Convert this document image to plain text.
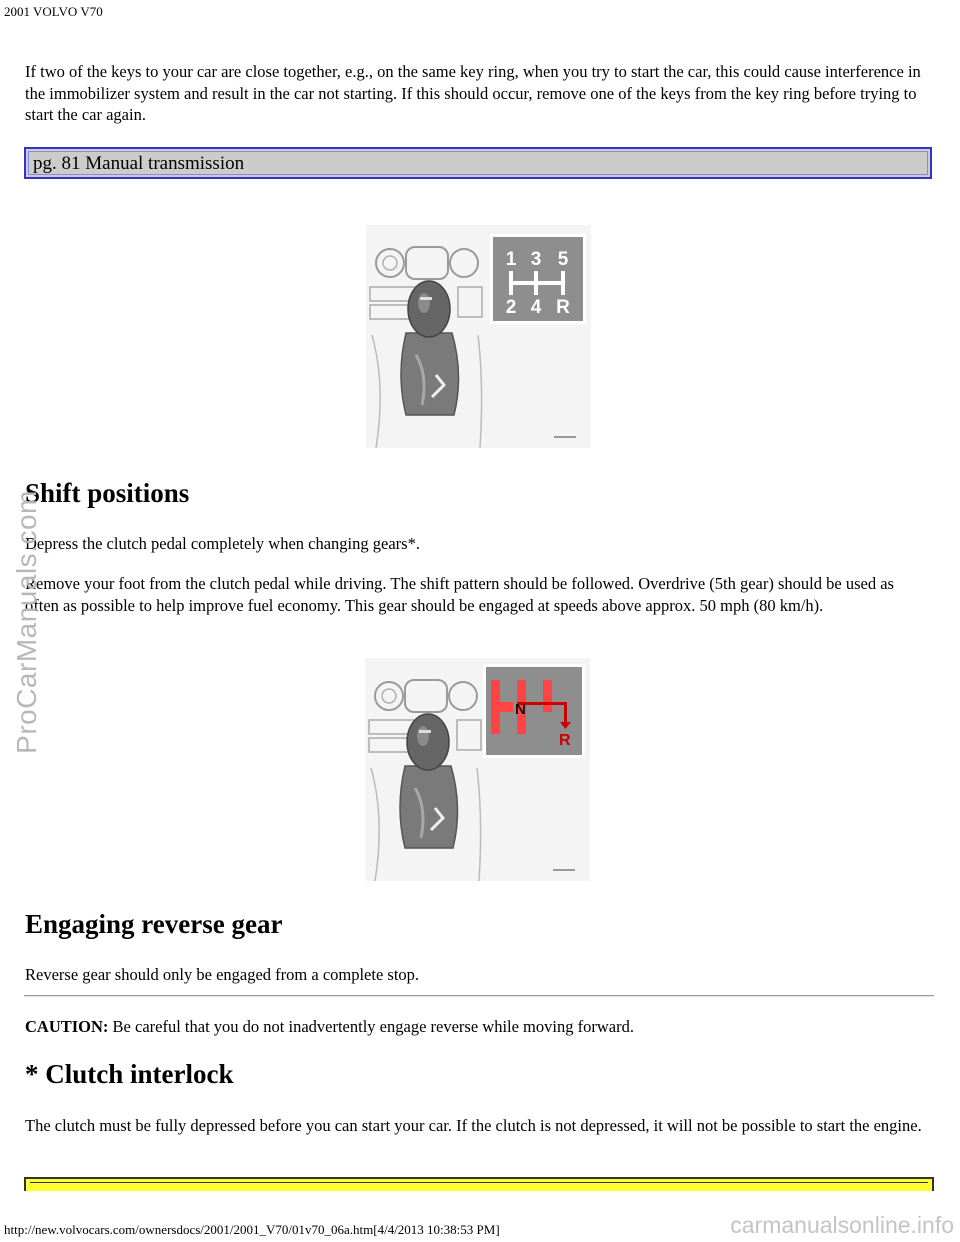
2001 VOLVO V70

If two of the keys to your car are close together, e.g., on the same key ring, when you try to start the car, this could cause interference in the immobilizer system and result in the car not starting. If this should occur, remove one of the keys from the key ring before trying to start the car again.

pg. 81 Manual transmission
1 3 5
2 4 R
Shift positions

Depress the clutch pedal completely when changing gears*.

Remove your foot from the clutch pedal while driving. The shift pattern should be followed. Overdrive (5th gear) should be used as often as possible to help improve fuel economy. This gear should be engaged at speeds above approx. 50 mph (80 km/h).

N
R
Engaging reverse gear

Reverse gear should only be engaged from a complete stop.

CAUTION: Be careful that you do not inadvertently engage reverse while moving forward.

* Clutch interlock

The clutch must be fully depressed before you can start your car. If the clutch is not depressed, it will not be possible to start the engine.

http://new.volvocars.com/ownersdocs/2001/2001_V70/01v70_06a.htm[4/4/2013 10:38:53 PM]
ProCarManuals.com
carmanualsonline.info
